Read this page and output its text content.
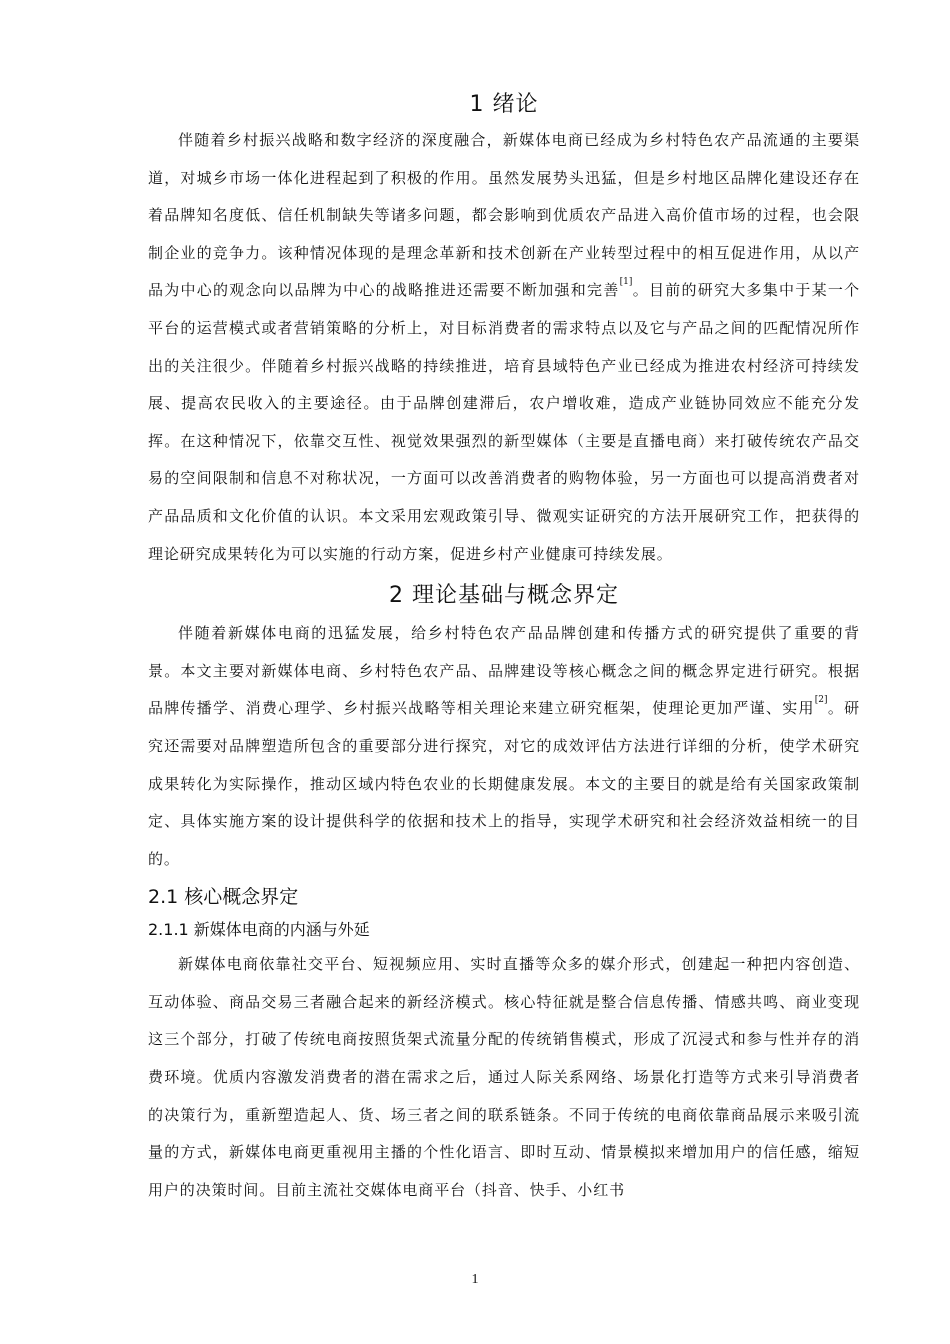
1 绪论

伴随着乡村振兴战略和数字经济的深度融合，新媒体电商已经成为乡村特色农产品流通的主要渠道，对城乡市场一体化进程起到了积极的作用。虽然发展势头迅猛，但是乡村地区品牌化建设还存在着品牌知名度低、信任机制缺失等诸多问题，都会影响到优质农产品进入高价值市场的过程，也会限制企业的竞争力。该种情况体现的是理念革新和技术创新在产业转型过程中的相互促进作用，从以产品为中心的观念向以品牌为中心的战略推进还需要不断加强和完善[1]。目前的研究大多集中于某一个平台的运营模式或者营销策略的分析上，对目标消费者的需求特点以及它与产品之间的匹配情况所作出的关注很少。伴随着乡村振兴战略的持续推进，培育县域特色产业已经成为推进农村经济可持续发展、提高农民收入的主要途径。由于品牌创建滞后，农户增收难，造成产业链协同效应不能充分发挥。在这种情况下，依靠交互性、视觉效果强烈的新型媒体（主要是直播电商）来打破传统农产品交易的空间限制和信息不对称状况，一方面可以改善消费者的购物体验，另一方面也可以提高消费者对产品品质和文化价值的认识。本文采用宏观政策引导、微观实证研究的方法开展研究工作，把获得的理论研究成果转化为可以实施的行动方案，促进乡村产业健康可持续发展。

2 理论基础与概念界定

伴随着新媒体电商的迅猛发展，给乡村特色农产品品牌创建和传播方式的研究提供了重要的背景。本文主要对新媒体电商、乡村特色农产品、品牌建设等核心概念之间的概念界定进行研究。根据品牌传播学、消费心理学、乡村振兴战略等相关理论来建立研究框架，使理论更加严谨、实用[2]。研究还需要对品牌塑造所包含的重要部分进行探究，对它的成效评估方法进行详细的分析，使学术研究成果转化为实际操作，推动区域内特色农业的长期健康发展。本文的主要目的就是给有关国家政策制定、具体实施方案的设计提供科学的依据和技术上的指导，实现学术研究和社会经济效益相统一的目的。

2.1 核心概念界定
2.1.1 新媒体电商的内涵与外延

新媒体电商依靠社交平台、短视频应用、实时直播等众多的媒介形式，创建起一种把内容创造、互动体验、商品交易三者融合起来的新经济模式。核心特征就是整合信息传播、情感共鸣、商业变现这三个部分，打破了传统电商按照货架式流量分配的传统销售模式，形成了沉浸式和参与性并存的消费环境。优质内容激发消费者的潜在需求之后，通过人际关系网络、场景化打造等方式来引导消费者的决策行为，重新塑造起人、货、场三者之间的联系链条。不同于传统的电商依靠商品展示来吸引流量的方式，新媒体电商更重视用主播的个性化语言、即时互动、情景模拟来增加用户的信任感，缩短用户的决策时间。目前主流社交媒体电商平台（抖音、快手、小红书

1
